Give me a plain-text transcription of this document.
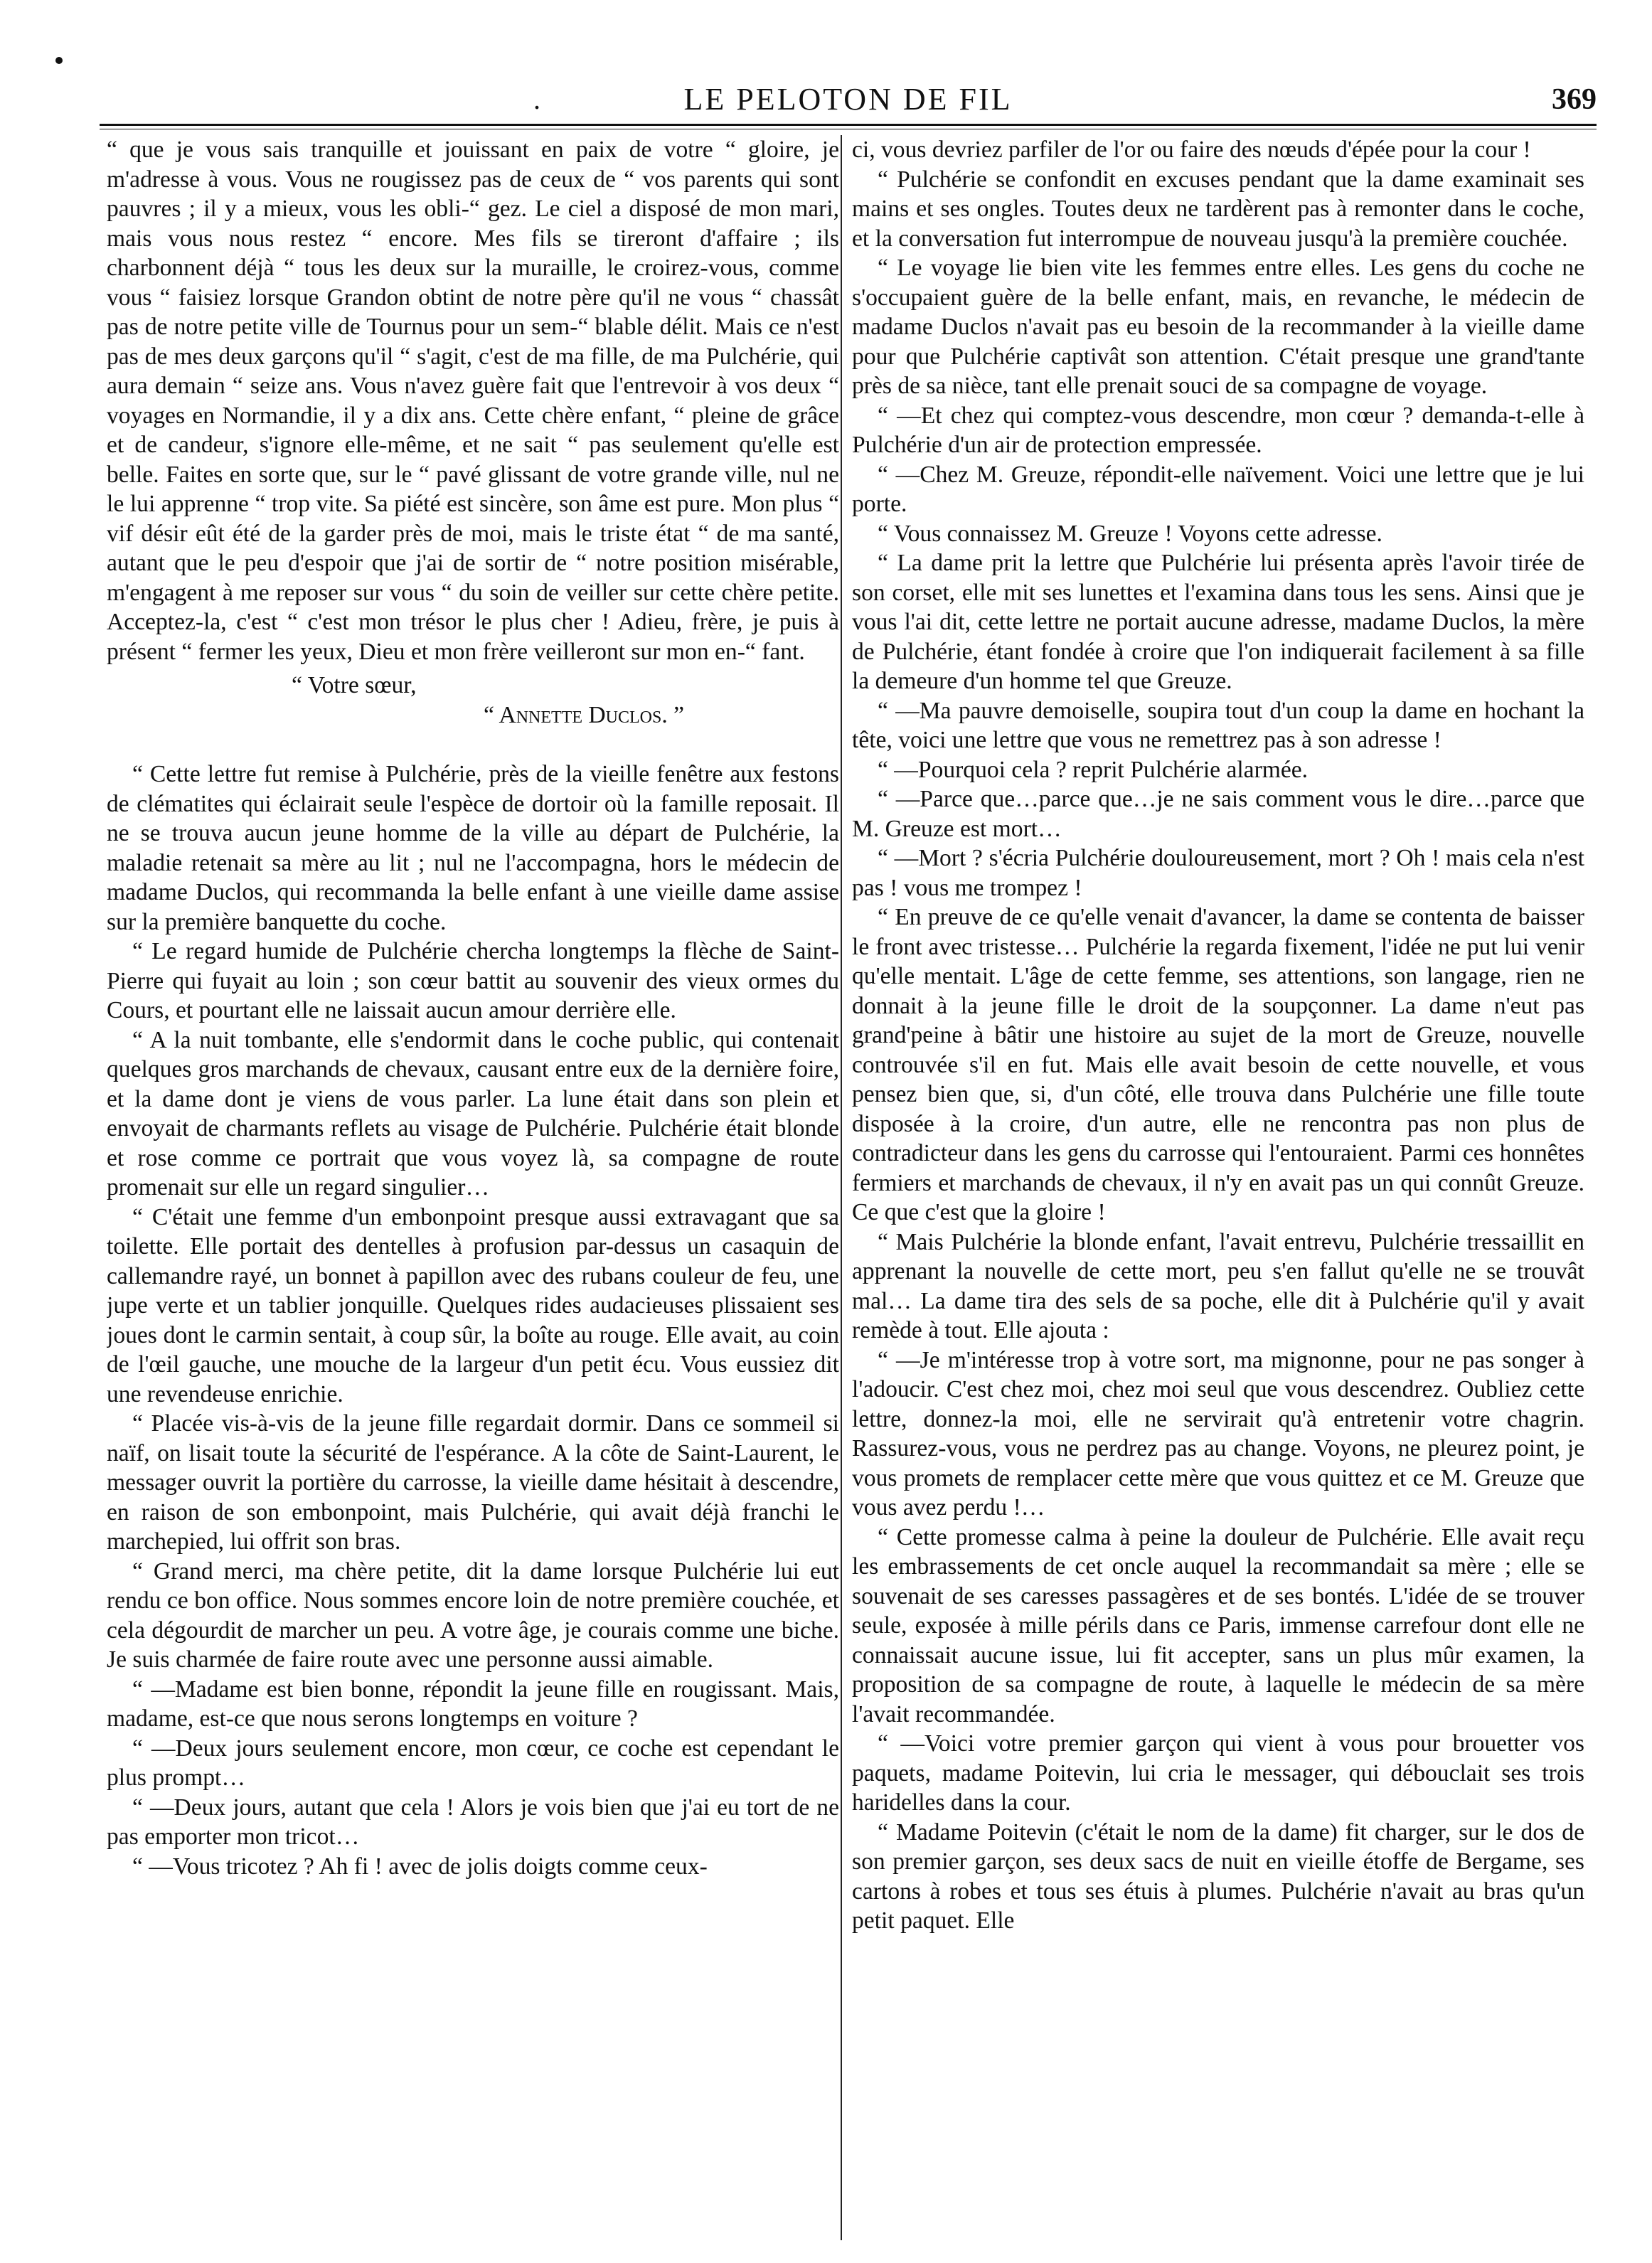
.	LE PELOTON DE FIL	369

“ que je vous sais tranquille et jouissant en paix de votre “ gloire, je m'adresse à vous. Vous ne rougissez pas de ceux de “ vos parents qui sont pauvres ; il y a mieux, vous les obli-“ gez. Le ciel a disposé de mon mari, mais vous nous restez “ encore. Mes fils se tireront d'affaire ; ils charbonnent déjà “ tous les deux sur la muraille, le croirez-vous, comme vous “ faisiez lorsque Grandon obtint de notre père qu'il ne vous “ chassât pas de notre petite ville de Tournus pour un sem-“ blable délit. Mais ce n'est pas de mes deux garçons qu'il “ s'agit, c'est de ma fille, de ma Pulchérie, qui aura demain “ seize ans. Vous n'avez guère fait que l'entrevoir à vos deux “ voyages en Normandie, il y a dix ans. Cette chère enfant, “ pleine de grâce et de candeur, s'ignore elle-même, et ne sait “ pas seulement qu'elle est belle. Faites en sorte que, sur le “ pavé glissant de votre grande ville, nul ne le lui apprenne “ trop vite. Sa piété est sincère, son âme est pure. Mon plus “ vif désir eût été de la garder près de moi, mais le triste état “ de ma santé, autant que le peu d'espoir que j'ai de sortir de “ notre position misérable, m'engagent à me reposer sur vous “ du soin de veiller sur cette chère petite. Acceptez-la, c'est “ c'est mon trésor le plus cher ! Adieu, frère, je puis à présent “ fermer les yeux, Dieu et mon frère veilleront sur mon en-“ fant.

“ Votre sœur,

“ Annette Duclos. ”

“ Cette lettre fut remise à Pulchérie, près de la vieille fenêtre aux festons de clématites qui éclairait seule l'espèce de dortoir où la famille reposait. Il ne se trouva aucun jeune homme de la ville au départ de Pulchérie, la maladie retenait sa mère au lit ; nul ne l'accompagna, hors le médecin de madame Duclos, qui recommanda la belle enfant à une vieille dame assise sur la première banquette du coche.

“ Le regard humide de Pulchérie chercha longtemps la flèche de Saint-Pierre qui fuyait au loin ; son cœur battit au souvenir des vieux ormes du Cours, et pourtant elle ne laissait aucun amour derrière elle.

“ A la nuit tombante, elle s'endormit dans le coche public, qui contenait quelques gros marchands de chevaux, causant entre eux de la dernière foire, et la dame dont je viens de vous parler. La lune était dans son plein et envoyait de charmants reflets au visage de Pulchérie. Pulchérie était blonde et rose comme ce portrait que vous voyez là, sa compagne de route promenait sur elle un regard singulier…

“ C'était une femme d'un embonpoint presque aussi extravagant que sa toilette. Elle portait des dentelles à profusion par-dessus un casaquin de callemandre rayé, un bonnet à papillon avec des rubans couleur de feu, une jupe verte et un tablier jonquille. Quelques rides audacieuses plissaient ses joues dont le carmin sentait, à coup sûr, la boîte au rouge. Elle avait, au coin de l'œil gauche, une mouche de la largeur d'un petit écu. Vous eussiez dit une revendeuse enrichie.

“ Placée vis-à-vis de la jeune fille regardait dormir. Dans ce sommeil si naïf, on lisait toute la sécurité de l'espérance. A la côte de Saint-Laurent, le messager ouvrit la portière du carrosse, la vieille dame hésitait à descendre, en raison de son embonpoint, mais Pulchérie, qui avait déjà franchi le marchepied, lui offrit son bras.

“ Grand merci, ma chère petite, dit la dame lorsque Pulchérie lui eut rendu ce bon office. Nous sommes encore loin de notre première couchée, et cela dégourdit de marcher un peu. A votre âge, je courais comme une biche. Je suis charmée de faire route avec une personne aussi aimable.

“ —Madame est bien bonne, répondit la jeune fille en rougissant. Mais, madame, est-ce que nous serons longtemps en voiture ?

“ —Deux jours seulement encore, mon cœur, ce coche est cependant le plus prompt…

“ —Deux jours, autant que cela ! Alors je vois bien que j'ai eu tort de ne pas emporter mon tricot…

“ —Vous tricotez ? Ah fi ! avec de jolis doigts comme ceux-

ci, vous devriez parfiler de l'or ou faire des nœuds d'épée pour la cour !

“ Pulchérie se confondit en excuses pendant que la dame examinait ses mains et ses ongles. Toutes deux ne tardèrent pas à remonter dans le coche, et la conversation fut interrompue de nouveau jusqu'à la première couchée.

“ Le voyage lie bien vite les femmes entre elles. Les gens du coche ne s'occupaient guère de la belle enfant, mais, en revanche, le médecin de madame Duclos n'avait pas eu besoin de la recommander à la vieille dame pour que Pulchérie captivât son attention. C'était presque une grand'tante près de sa nièce, tant elle prenait souci de sa compagne de voyage.

“ —Et chez qui comptez-vous descendre, mon cœur ? demanda-t-elle à Pulchérie d'un air de protection empressée.

“ —Chez M. Greuze, répondit-elle naïvement. Voici une lettre que je lui porte.

“ Vous connaissez M. Greuze ! Voyons cette adresse.

“ La dame prit la lettre que Pulchérie lui présenta après l'avoir tirée de son corset, elle mit ses lunettes et l'examina dans tous les sens. Ainsi que je vous l'ai dit, cette lettre ne portait aucune adresse, madame Duclos, la mère de Pulchérie, étant fondée à croire que l'on indiquerait facilement à sa fille la demeure d'un homme tel que Greuze.

“ —Ma pauvre demoiselle, soupira tout d'un coup la dame en hochant la tête, voici une lettre que vous ne remettrez pas à son adresse !

“ —Pourquoi cela ? reprit Pulchérie alarmée.

“ —Parce que…parce que…je ne sais comment vous le dire…parce que M. Greuze est mort…

“ —Mort ? s'écria Pulchérie douloureusement, mort ? Oh ! mais cela n'est pas ! vous me trompez !

“ En preuve de ce qu'elle venait d'avancer, la dame se contenta de baisser le front avec tristesse… Pulchérie la regarda fixement, l'idée ne put lui venir qu'elle mentait. L'âge de cette femme, ses attentions, son langage, rien ne donnait à la jeune fille le droit de la soupçonner. La dame n'eut pas grand'peine à bâtir une histoire au sujet de la mort de Greuze, nouvelle controuvée s'il en fut. Mais elle avait besoin de cette nouvelle, et vous pensez bien que, si, d'un côté, elle trouva dans Pulchérie une fille toute disposée à la croire, d'un autre, elle ne rencontra pas non plus de contradicteur dans les gens du carrosse qui l'entouraient. Parmi ces honnêtes fermiers et marchands de chevaux, il n'y en avait pas un qui connût Greuze. Ce que c'est que la gloire !

“ Mais Pulchérie la blonde enfant, l'avait entrevu, Pulchérie tressaillit en apprenant la nouvelle de cette mort, peu s'en fallut qu'elle ne se trouvât mal… La dame tira des sels de sa poche, elle dit à Pulchérie qu'il y avait remède à tout. Elle ajouta :

“ —Je m'intéresse trop à votre sort, ma mignonne, pour ne pas songer à l'adoucir. C'est chez moi, chez moi seul que vous descendrez. Oubliez cette lettre, donnez-la moi, elle ne servirait qu'à entretenir votre chagrin. Rassurez-vous, vous ne perdrez pas au change. Voyons, ne pleurez point, je vous promets de remplacer cette mère que vous quittez et ce M. Greuze que vous avez perdu !…

“ Cette promesse calma à peine la douleur de Pulchérie. Elle avait reçu les embrassements de cet oncle auquel la recommandait sa mère ; elle se souvenait de ses caresses passagères et de ses bontés. L'idée de se trouver seule, exposée à mille périls dans ce Paris, immense carrefour dont elle ne connaissait aucune issue, lui fit accepter, sans un plus mûr examen, la proposition de sa compagne de route, à laquelle le médecin de sa mère l'avait recommandée.

“ —Voici votre premier garçon qui vient à vous pour brouetter vos paquets, madame Poitevin, lui cria le messager, qui débouclait ses trois haridelles dans la cour.

“ Madame Poitevin (c'était le nom de la dame) fit charger, sur le dos de son premier garçon, ses deux sacs de nuit en vieille étoffe de Bergame, ses cartons à robes et tous ses étuis à plumes. Pulchérie n'avait au bras qu'un petit paquet. Elle
